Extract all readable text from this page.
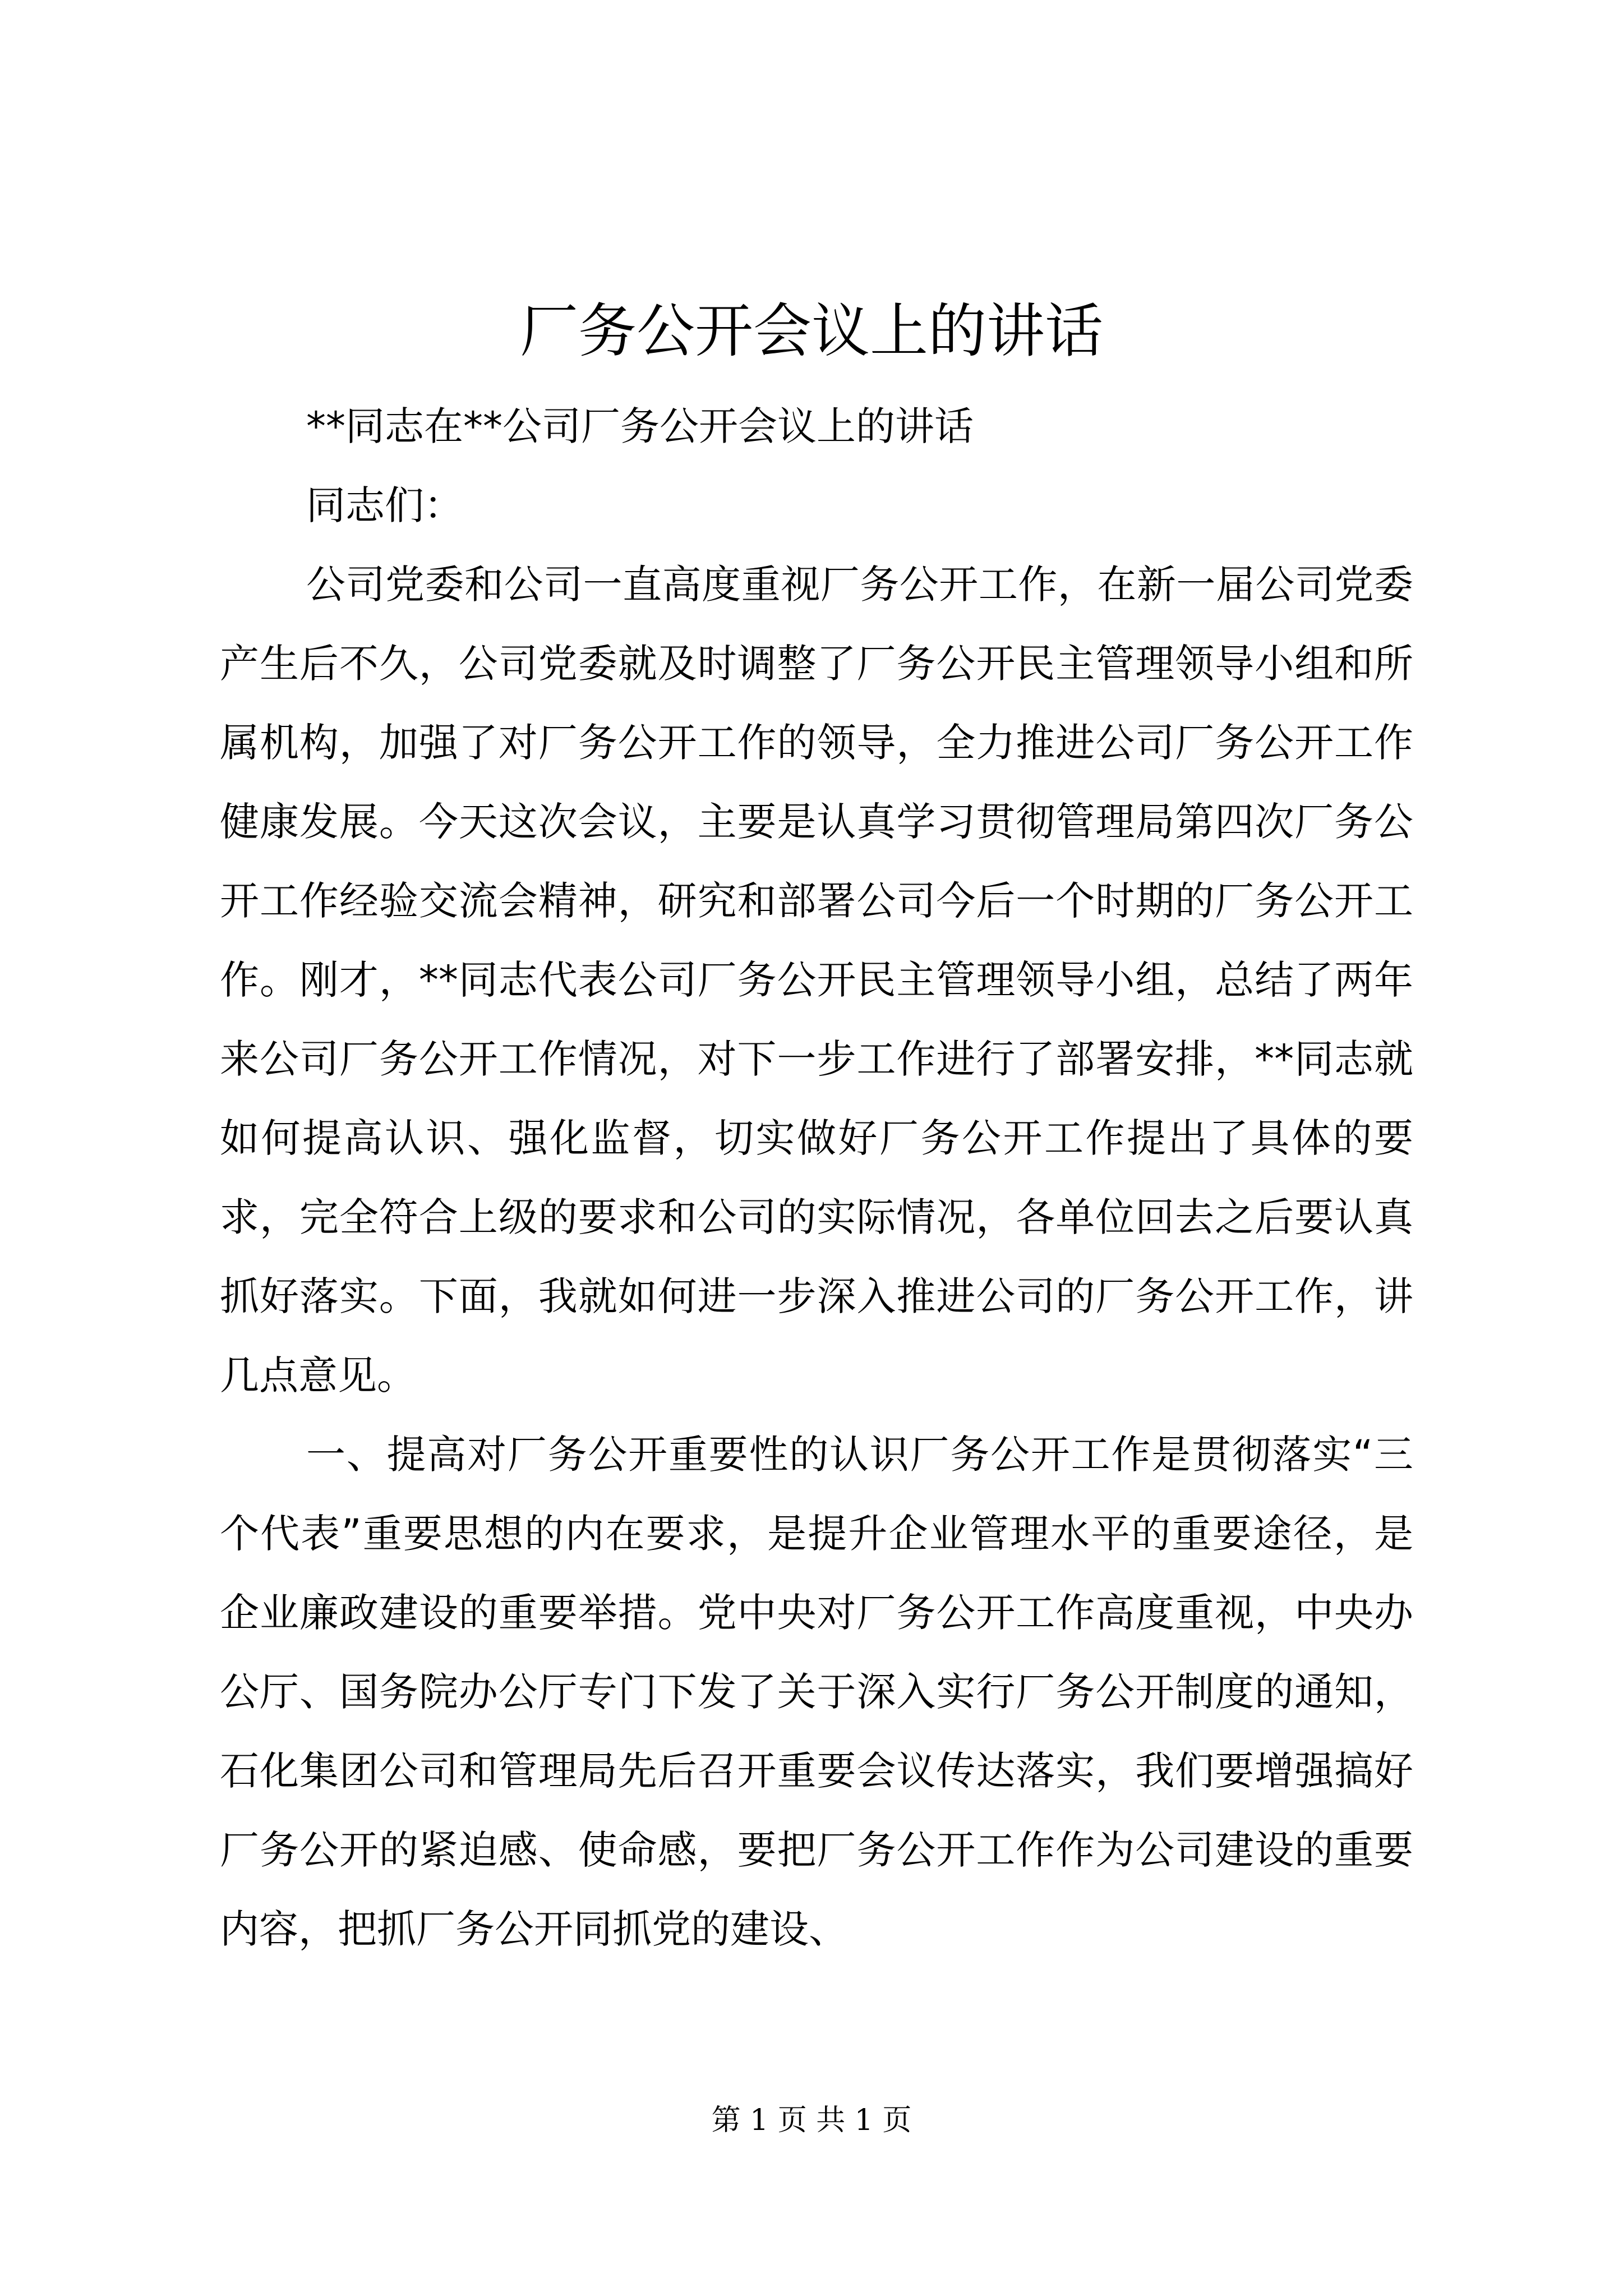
厂务公开会议上的讲话

**同志在**公司厂务公开会议上的讲话

同志们：

公司党委和公司一直高度重视厂务公开工作，在新一届公司党委产生后不久，公司党委就及时调整了厂务公开民主管理领导小组和所属机构，加强了对厂务公开工作的领导，全力推进公司厂务公开工作健康发展。今天这次会议，主要是认真学习贯彻管理局第四次厂务公开工作经验交流会精神，研究和部署公司今后一个时期的厂务公开工作。刚才，**同志代表公司厂务公开民主管理领导小组，总结了两年来公司厂务公开工作情况，对下一步工作进行了部署安排，**同志就如何提高认识、强化监督，切实做好厂务公开工作提出了具体的要求，完全符合上级的要求和公司的实际情况，各单位回去之后要认真抓好落实。下面，我就如何进一步深入推进公司的厂务公开工作，讲几点意见。

一、提高对厂务公开重要性的认识厂务公开工作是贯彻落实“三个代表”重要思想的内在要求，是提升企业管理水平的重要途径，是企业廉政建设的重要举措。党中央对厂务公开工作高度重视，中央办公厅、国务院办公厅专门下发了关于深入实行厂务公开制度的通知，石化集团公司和管理局先后召开重要会议传达落实，我们要增强搞好厂务公开的紧迫感、使命感，要把厂务公开工作作为公司建设的重要内容，把抓厂务公开同抓党的建设、

第 1 页 共 1 页
